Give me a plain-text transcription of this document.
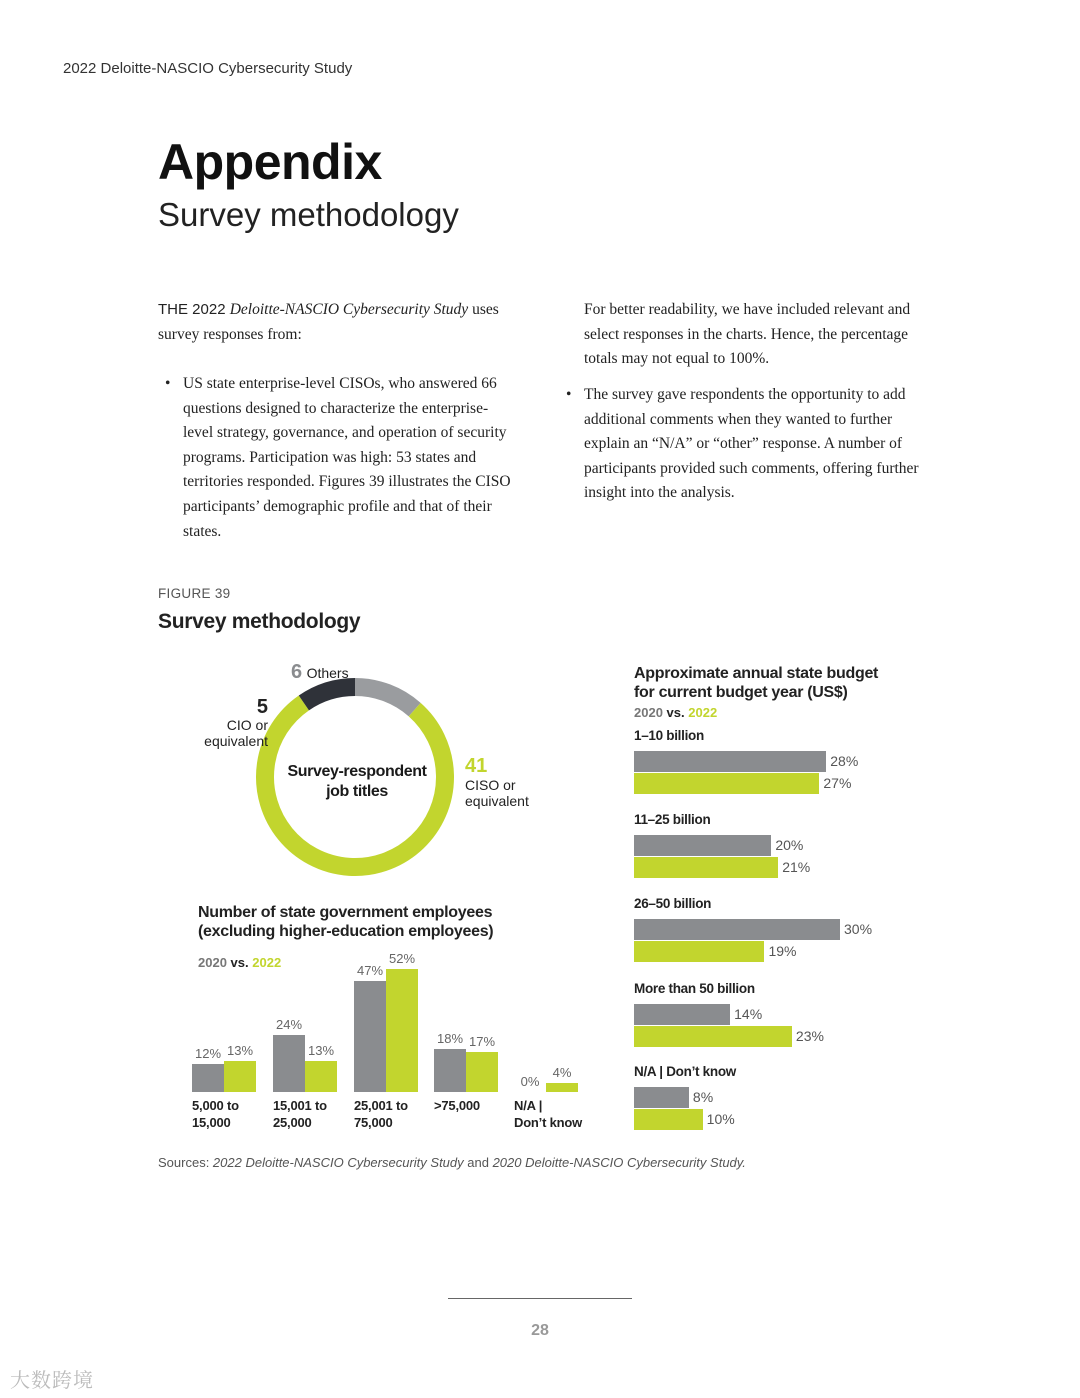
2022 Deloitte-NASCIO Cybersecurity Study
Appendix
Survey methodology
THE 2022 Deloitte-NASCIO Cybersecurity Study uses survey responses from:
• US state enterprise-level CISOs, who answered 66 questions designed to characterize the enterprise-level strategy, governance, and operation of security programs. Participation was high: 53 states and territories responded. Figures 39 illustrates the CISO participants’ demographic profile and that of their states.
For better readability, we have included relevant and select responses in the charts. Hence, the percentage totals may not equal to 100%.
• The survey gave respondents the opportunity to add additional comments when they wanted to further explain an “N/A” or “other” response. A number of participants provided such comments, offering further insight into the analysis.
FIGURE 39
Survey methodology
Survey-respondent
job titles
6 Others
5
CIO or
equivalent
41
CISO or
equivalent
Approximate annual state budget
for current budget year (US$)
2020 vs. 2022
1–10 billion
28%
27%
11–25 billion
20%
21%
26–50 billion
30%
19%
More than 50 billion
14%
23%
N/A | Don’t know
8%
10%
Number of state government employees
(excluding higher-education employees)
2020 vs. 2022
12% 13%
5,000 to
15,000
24%
13%
15,001 to
25,000
47%
52%
25,001 to
75,000
18% 17%
>75,000
0%
4%
N/A |
Don’t know
Sources: 2022 Deloitte-NASCIO Cybersecurity Study and 2020 Deloitte-NASCIO Cybersecurity Study.
28
大数跨境
